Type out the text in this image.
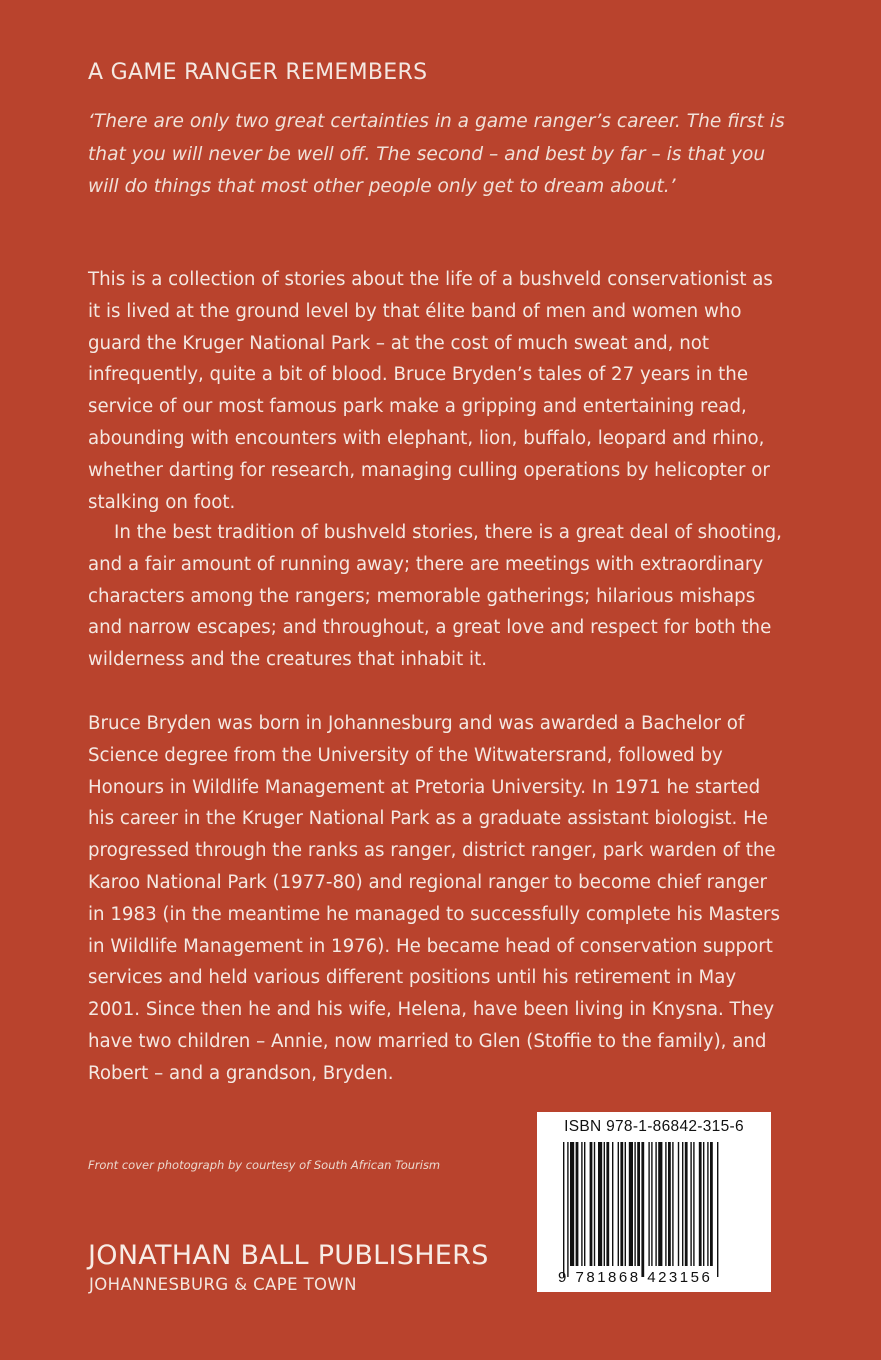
A GAME RANGER REMEMBERS

‘There are only two great certainties in a game ranger’s career. The first is that you will never be well off. The second – and best by far – is that you will do things that most other people only get to dream about.’

This is a collection of stories about the life of a bushveld conservationist as it is lived at the ground level by that élite band of men and women who guard the Kruger National Park – at the cost of much sweat and, not infrequently, quite a bit of blood. Bruce Bryden’s tales of 27 years in the service of our most famous park make a gripping and entertaining read, abounding with encounters with elephant, lion, buffalo, leopard and rhino, whether darting for research, managing culling operations by helicopter or stalking on foot.

In the best tradition of bushveld stories, there is a great deal of shooting, and a fair amount of running away; there are meetings with extraordinary characters among the rangers; memorable gatherings; hilarious mishaps and narrow escapes; and throughout, a great love and respect for both the wilderness and the creatures that inhabit it.

Bruce Bryden was born in Johannesburg and was awarded a Bachelor of Science degree from the University of the Witwatersrand, followed by Honours in Wildlife Management at Pretoria University. In 1971 he started his career in the Kruger National Park as a graduate assistant biologist. He progressed through the ranks as ranger, district ranger, park warden of the Karoo National Park (1977-80) and regional ranger to become chief ranger in 1983 (in the meantime he managed to successfully complete his Masters in Wildlife Management in 1976). He became head of conservation support services and held various different positions until his retirement in May 2001. Since then he and his wife, Helena, have been living in Knysna. They have two children – Annie, now married to Glen (Stoffie to the family), and Robert – and a grandson, Bryden.

Front cover photograph by courtesy of South African Tourism
JONATHAN BALL PUBLISHERS
JOHANNESBURG & CAPE TOWN
ISBN 978-1-86842-315-6
9 781868 423156
